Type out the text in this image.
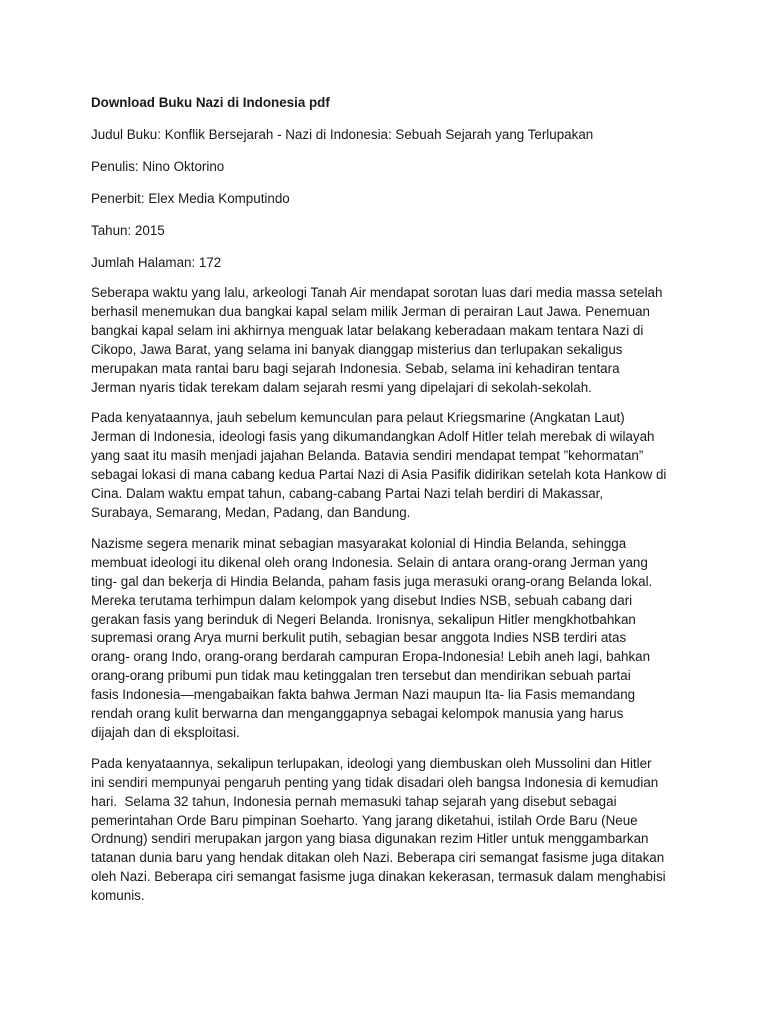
Download Buku Nazi di Indonesia pdf
Judul Buku: Konflik Bersejarah - Nazi di Indonesia: Sebuah Sejarah yang Terlupakan
Penulis: Nino Oktorino
Penerbit: Elex Media Komputindo
Tahun: 2015
Jumlah Halaman: 172
Seberapa waktu yang lalu, arkeologi Tanah Air mendapat sorotan luas dari media massa setelah
berhasil menemukan dua bangkai kapal selam milik Jerman di perairan Laut Jawa. Penemuan
bangkai kapal selam ini akhirnya menguak latar belakang keberadaan makam tentara Nazi di
Cikopo, Jawa Barat, yang selama ini banyak dianggap misterius dan terlupakan sekaligus
merupakan mata rantai baru bagi sejarah Indonesia. Sebab, selama ini kehadiran tentara
Jerman nyaris tidak terekam dalam sejarah resmi yang dipelajari di sekolah-sekolah.
Pada kenyataannya, jauh sebelum kemunculan para pelaut Kriegsmarine (Angkatan Laut)
Jerman di Indonesia, ideologi fasis yang dikumandangkan Adolf Hitler telah merebak di wilayah
yang saat itu masih menjadi jajahan Belanda. Batavia sendiri mendapat tempat ”kehormatan”
sebagai lokasi di mana cabang kedua Partai Nazi di Asia Pasifik didirikan setelah kota Hankow di
Cina. Dalam waktu empat tahun, cabang-cabang Partai Nazi telah berdiri di Makassar,
Surabaya, Semarang, Medan, Padang, dan Bandung.
Nazisme segera menarik minat sebagian masyarakat kolonial di Hindia Belanda, sehingga
membuat ideologi itu dikenal oleh orang Indonesia. Selain di antara orang-orang Jerman yang
ting- gal dan bekerja di Hindia Belanda, paham fasis juga merasuki orang-orang Belanda lokal.
Mereka terutama terhimpun dalam kelompok yang disebut Indies NSB, sebuah cabang dari
gerakan fasis yang berinduk di Negeri Belanda. Ironisnya, sekalipun Hitler mengkhotbahkan
supremasi orang Arya murni berkulit putih, sebagian besar anggota Indies NSB terdiri atas
orang- orang Indo, orang-orang berdarah campuran Eropa-Indonesia! Lebih aneh lagi, bahkan
orang-orang pribumi pun tidak mau ketinggalan tren tersebut dan mendirikan sebuah partai
fasis Indonesia—mengabaikan fakta bahwa Jerman Nazi maupun Ita- lia Fasis memandang
rendah orang kulit berwarna dan menganggapnya sebagai kelompok manusia yang harus
dijajah dan di eksploitasi.
Pada kenyataannya, sekalipun terlupakan, ideologi yang diembuskan oleh Mussolini dan Hitler
ini sendiri mempunyai pengaruh penting yang tidak disadari oleh bangsa Indonesia di kemudian
hari.  Selama 32 tahun, Indonesia pernah memasuki tahap sejarah yang disebut sebagai
pemerintahan Orde Baru pimpinan Soeharto. Yang jarang diketahui, istilah Orde Baru (Neue
Ordnung) sendiri merupakan jargon yang biasa digunakan rezim Hitler untuk menggambarkan
tatanan dunia baru yang hendak ditakan oleh Nazi. Beberapa ciri semangat fasisme juga ditakan
oleh Nazi. Beberapa ciri semangat fasisme juga dinakan kekerasan, termasuk dalam menghabisi
komunis.
